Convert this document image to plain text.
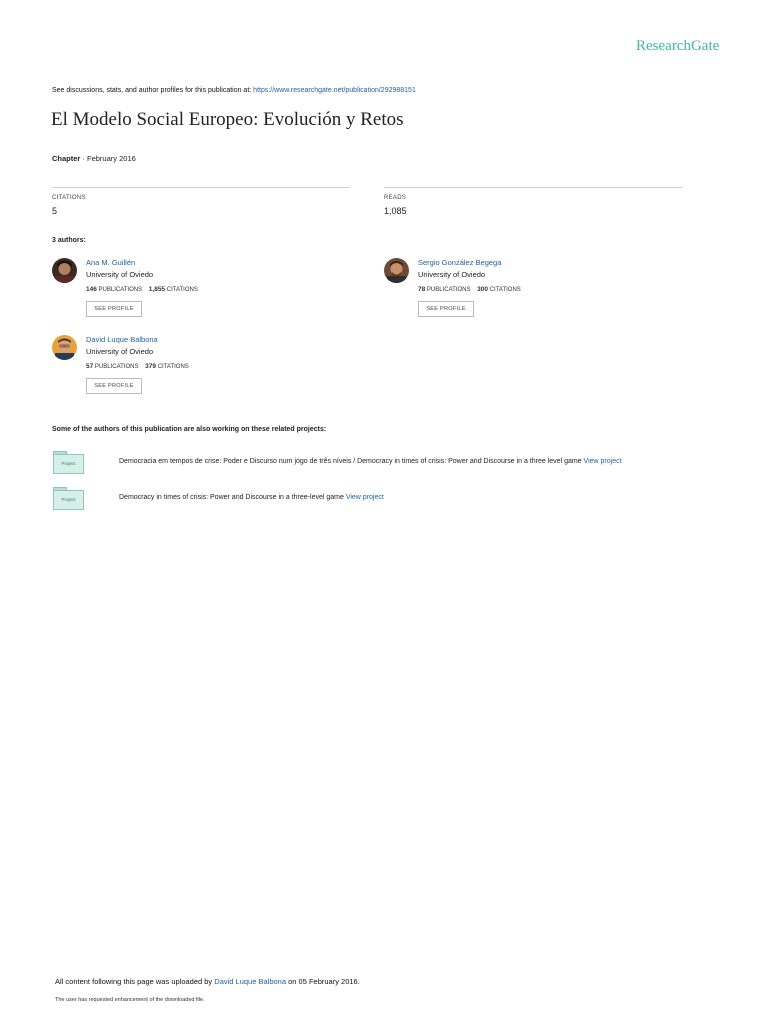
ResearchGate
See discussions, stats, and author profiles for this publication at: https://www.researchgate.net/publication/292988151
El Modelo Social Europeo: Evolución y Retos
Chapter · February 2016
CITATIONS
5
READS
1,085
3 authors:
Ana M. Guillén
University of Oviedo
146 PUBLICATIONS 1,855 CITATIONS
SEE PROFILE
Sergio González Begega
University of Oviedo
78 PUBLICATIONS 300 CITATIONS
SEE PROFILE
David Luque Balbona
University of Oviedo
57 PUBLICATIONS 379 CITATIONS
SEE PROFILE
Some of the authors of this publication are also working on these related projects:
Project	Democracia em tempos de crise: Poder e Discurso num jogo de três níveis / Democracy in times of crisis: Power and Discourse in a three level game View project
Project	Democracy in times of crisis: Power and Discourse in a three-level game View project
All content following this page was uploaded by David Luque Balbona on 05 February 2016.
The user has requested enhancement of the downloaded file.
